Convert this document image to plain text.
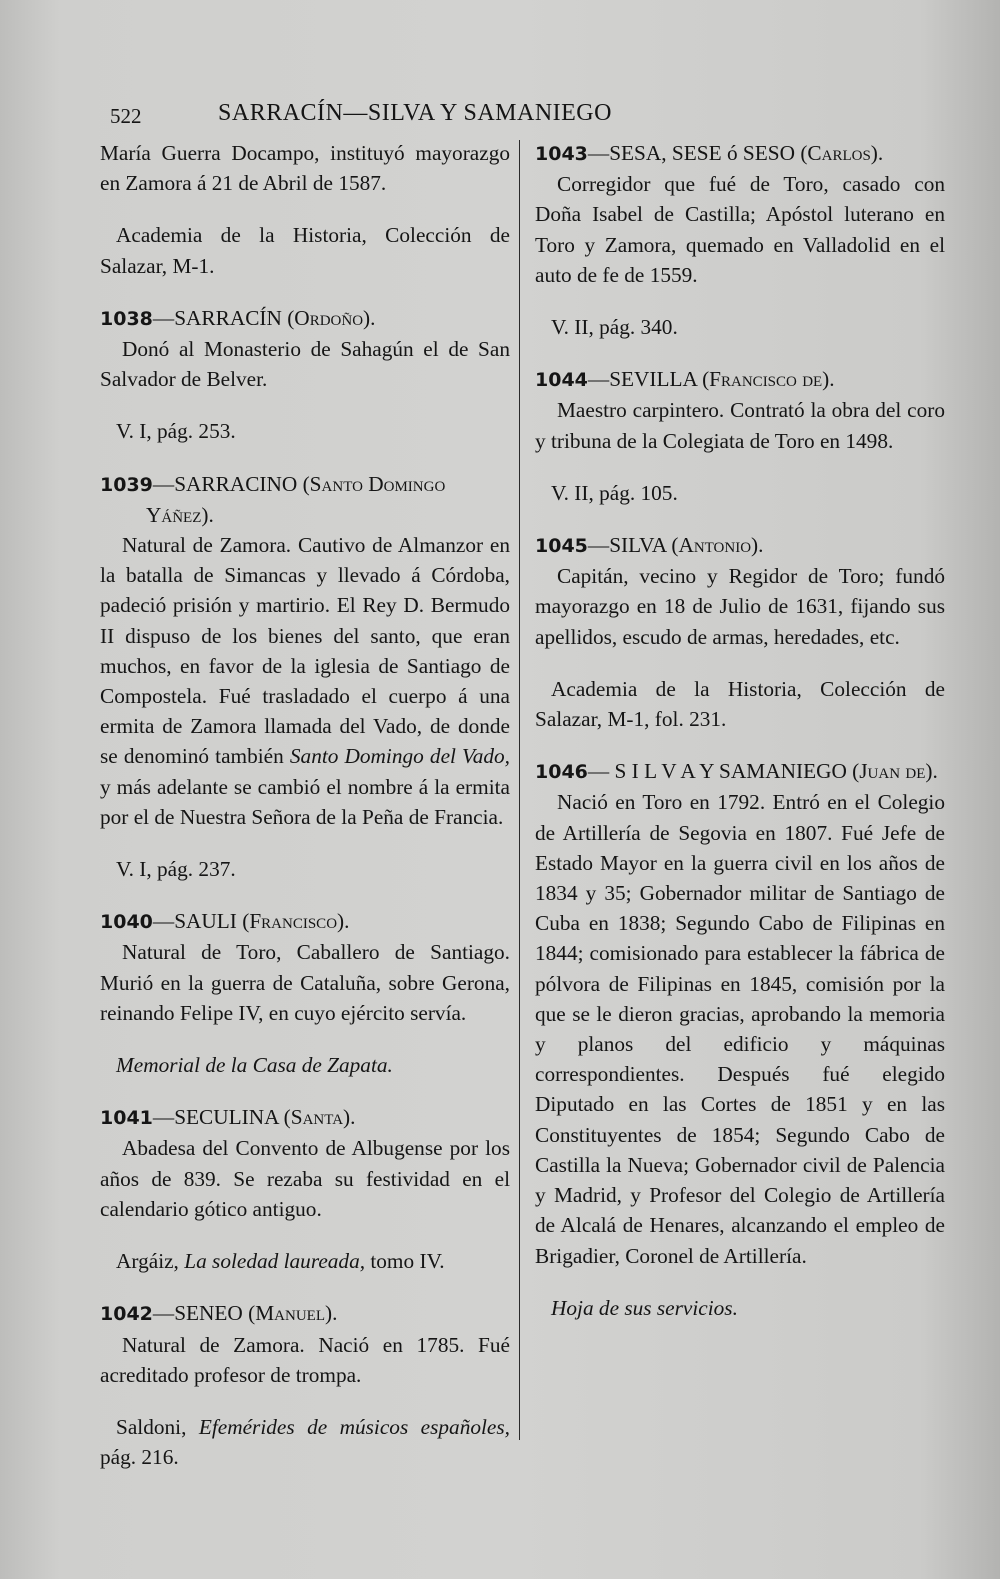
522	SARRACÍN—SILVA Y SAMANIEGO

María Guerra Docampo, instituyó mayorazgo en Zamora á 21 de Abril de 1587.

Academia de la Historia, Colección de Salazar, M-1.

1038—SARRACÍN (Ordoño).

Donó al Monasterio de Sahagún el de San Salvador de Belver.

V. I, pág. 253.

1039—SARRACINO (Santo Domingo Yáñez).

Natural de Zamora. Cautivo de Almanzor en la batalla de Simancas y llevado á Córdoba, padeció prisión y martirio. El Rey D. Bermudo II dispuso de los bienes del santo, que eran muchos, en favor de la iglesia de Santiago de Compostela. Fué trasladado el cuerpo á una ermita de Zamora llamada del Vado, de donde se denominó también Santo Domingo del Vado, y más adelante se cambió el nombre á la ermita por el de Nuestra Señora de la Peña de Francia.

V. I, pág. 237.

1040—SAULI (Francisco).

Natural de Toro, Caballero de Santiago. Murió en la guerra de Cataluña, sobre Gerona, reinando Felipe IV, en cuyo ejército servía.

Memorial de la Casa de Zapata.

1041—SECULINA (Santa).

Abadesa del Convento de Albugense por los años de 839. Se rezaba su festividad en el calendario gótico antiguo.

Argáiz, La soledad laureada, tomo IV.

1042—SENEO (Manuel).

Natural de Zamora. Nació en 1785. Fué acreditado profesor de trompa.

Saldoni, Efemérides de músicos españoles, pág. 216.

1043—SESA, SESE ó SESO (Carlos).

Corregidor que fué de Toro, casado con Doña Isabel de Castilla; Apóstol luterano en Toro y Zamora, quemado en Valladolid en el auto de fe de 1559.

V. II, pág. 340.

1044—SEVILLA (Francisco de).

Maestro carpintero. Contrató la obra del coro y tribuna de la Colegiata de Toro en 1498.

V. II, pág. 105.

1045—SILVA (Antonio).

Capitán, vecino y Regidor de Toro; fundó mayorazgo en 18 de Julio de 1631, fijando sus apellidos, escudo de armas, heredades, etc.

Academia de la Historia, Colección de Salazar, M-1, fol. 231.

1046— S I L V A Y SAMANIEGO (Juan de).

Nació en Toro en 1792. Entró en el Colegio de Artillería de Segovia en 1807. Fué Jefe de Estado Mayor en la guerra civil en los años de 1834 y 35; Gobernador militar de Santiago de Cuba en 1838; Segundo Cabo de Filipinas en 1844; comisionado para establecer la fábrica de pólvora de Filipinas en 1845, comisión por la que se le dieron gracias, aprobando la memoria y planos del edificio y máquinas correspondientes. Después fué elegido Diputado en las Cortes de 1851 y en las Constituyentes de 1854; Segundo Cabo de Castilla la Nueva; Gobernador civil de Palencia y Madrid, y Profesor del Colegio de Artillería de Alcalá de Henares, alcanzando el empleo de Brigadier, Coronel de Artillería.

Hoja de sus servicios.
